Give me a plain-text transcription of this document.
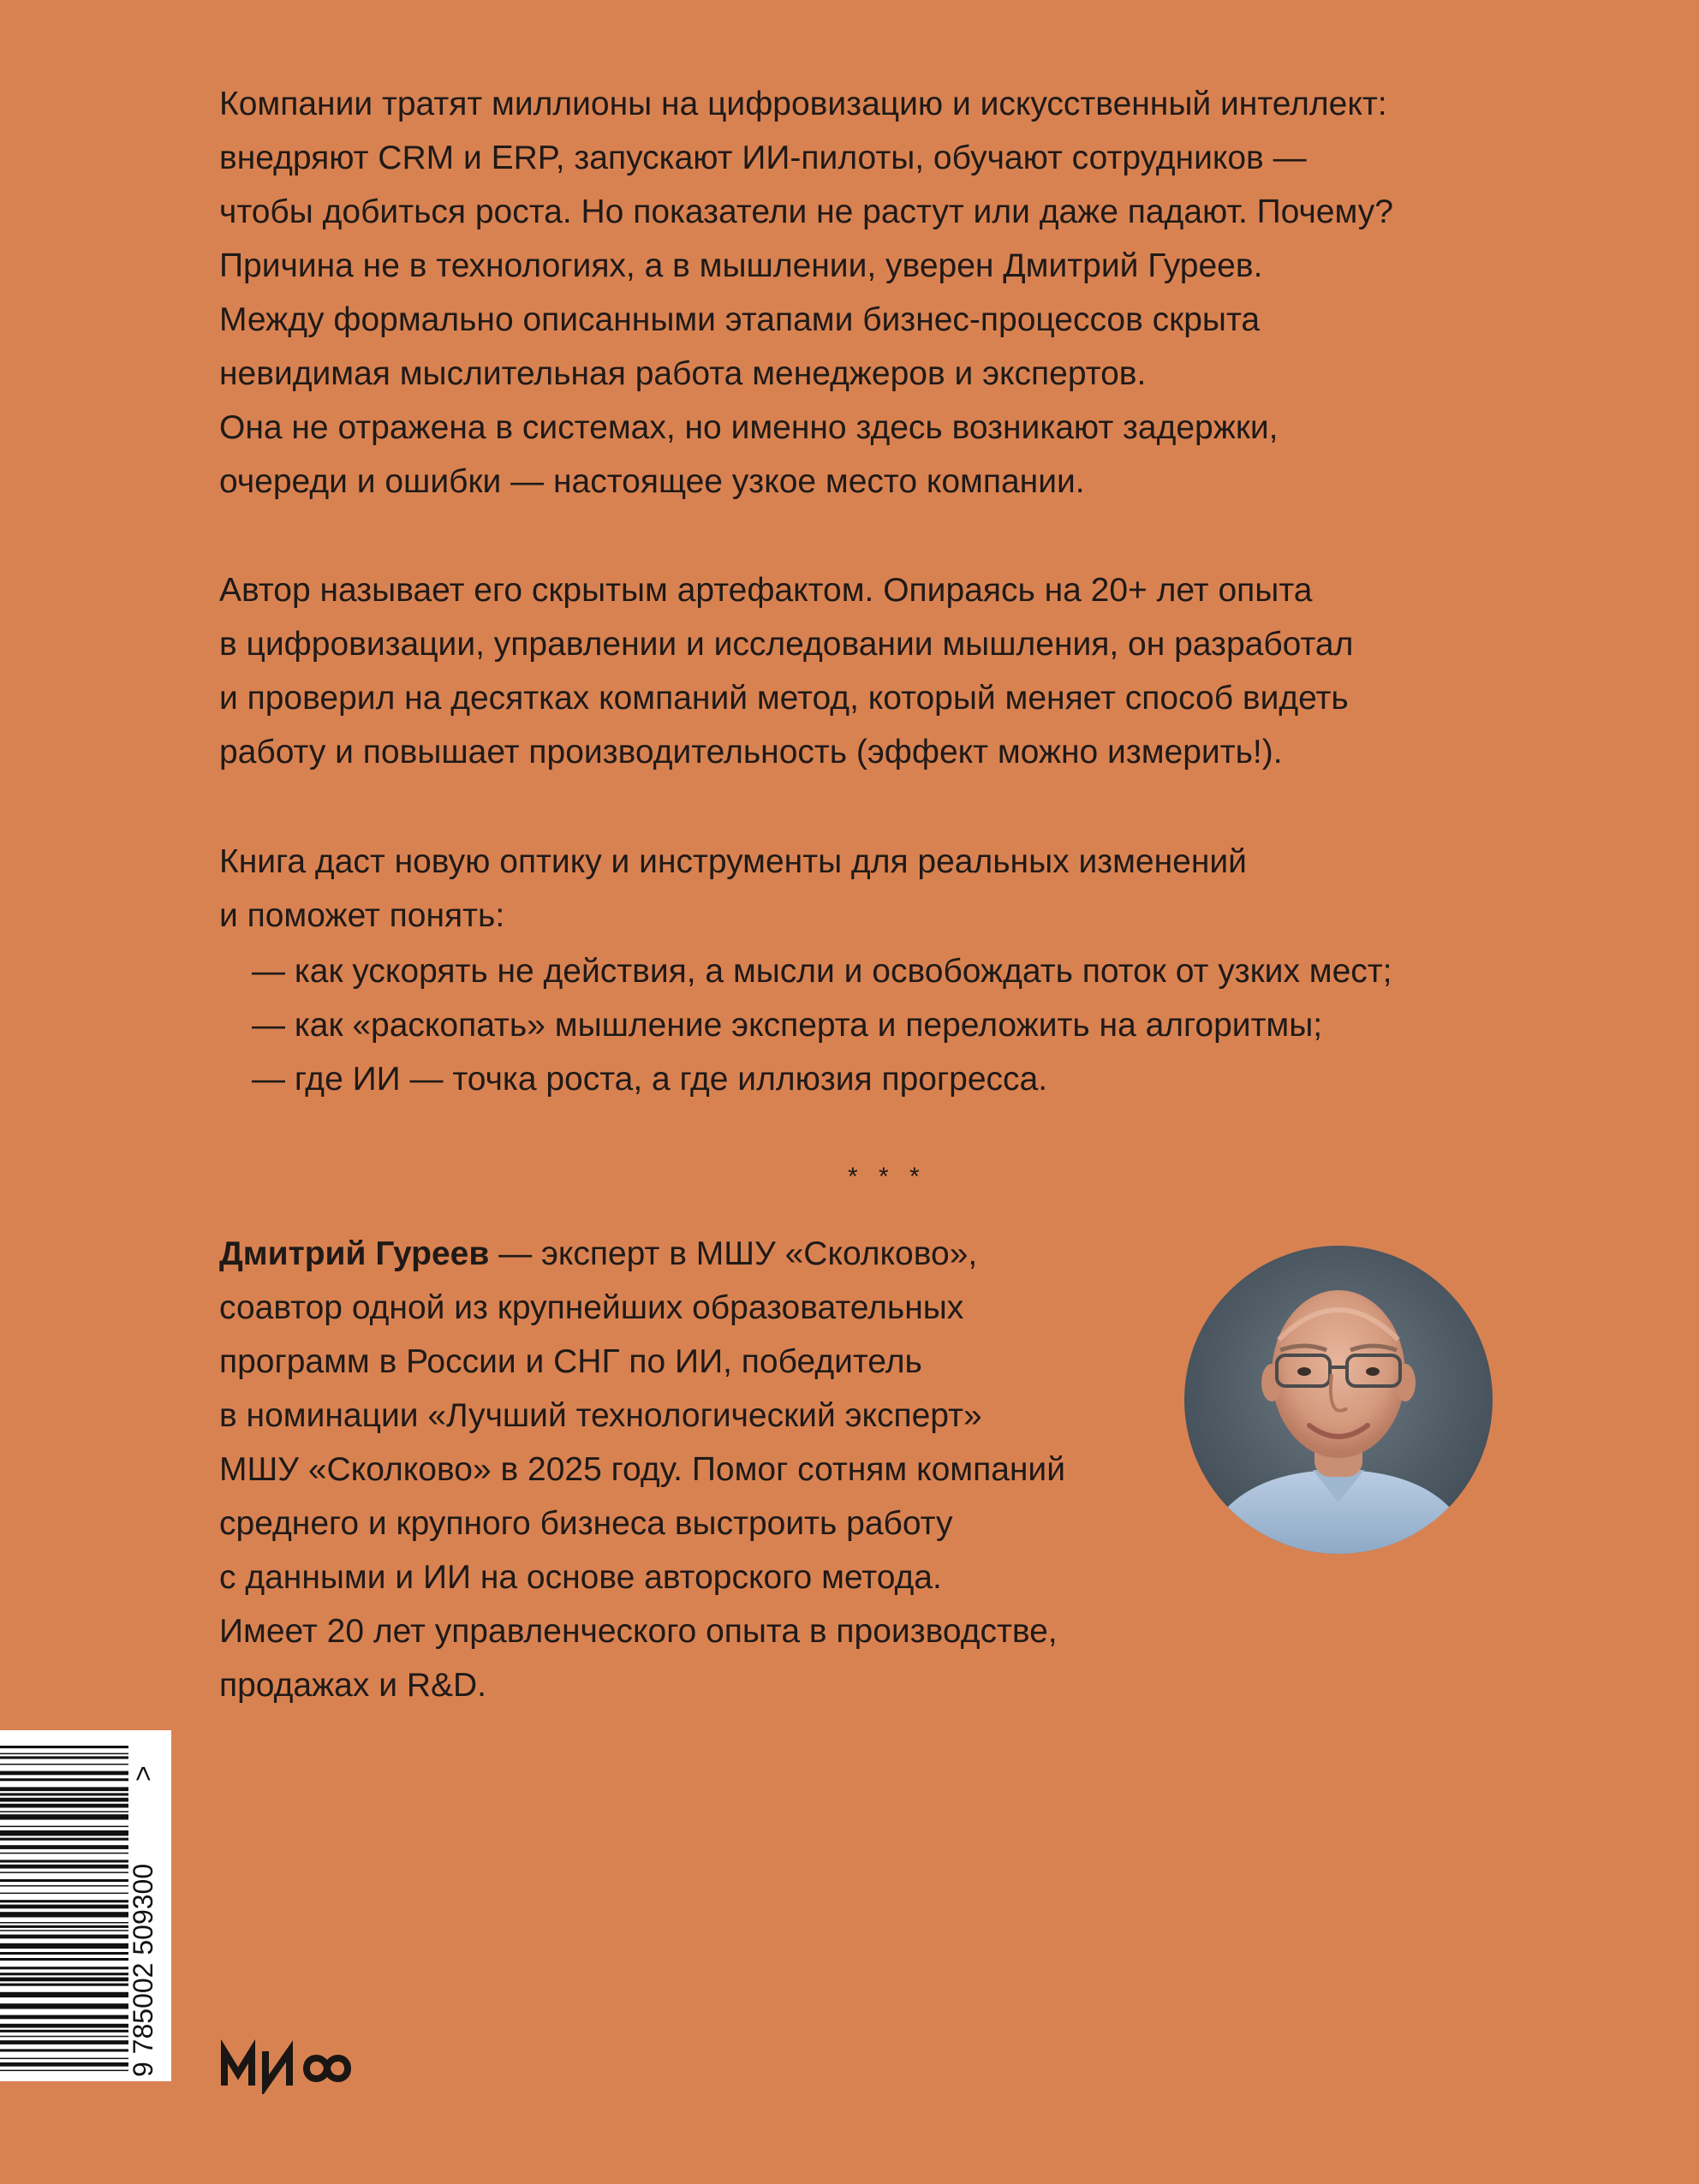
Компании тратят миллионы на цифровизацию и искусственный интеллект:
внедряют CRM и ERP, запускают ИИ-пилоты, обучают сотрудников —
чтобы добиться роста. Но показатели не растут или даже падают. Почему?
Причина не в технологиях, а в мышлении, уверен Дмитрий Гуреев.
Между формально описанными этапами бизнес-процессов скрыта
невидимая мыслительная работа менеджеров и экспертов.
Она не отражена в системах, но именно здесь возникают задержки,
очереди и ошибки — настоящее узкое место компании.
Автор называет его скрытым артефактом. Опираясь на 20+ лет опыта
в цифровизации, управлении и исследовании мышления, он разработал
и проверил на десятках компаний метод, который меняет способ видеть
работу и повышает производительность (эффект можно измерить!).
Книга даст новую оптику и инструменты для реальных изменений
и поможет понять:
— как ускорять не действия, а мысли и освобождать поток от узких мест;
— как «раскопать» мышление эксперта и переложить на алгоритмы;
— где ИИ — точка роста, а где иллюзия прогресса.
* * *
Дмитрий Гуреев — эксперт в МШУ «Сколково»,
соавтор одной из крупнейших образовательных
программ в России и СНГ по ИИ, победитель
в номинации «Лучший технологический эксперт»
МШУ «Сколково» в 2025 году. Помог сотням компаний
среднего и крупного бизнеса выстроить работу
с данными и ИИ на основе авторского метода.
Имеет 20 лет управленческого опыта в производстве,
продажах и R&D.
9 785002 509300
>
